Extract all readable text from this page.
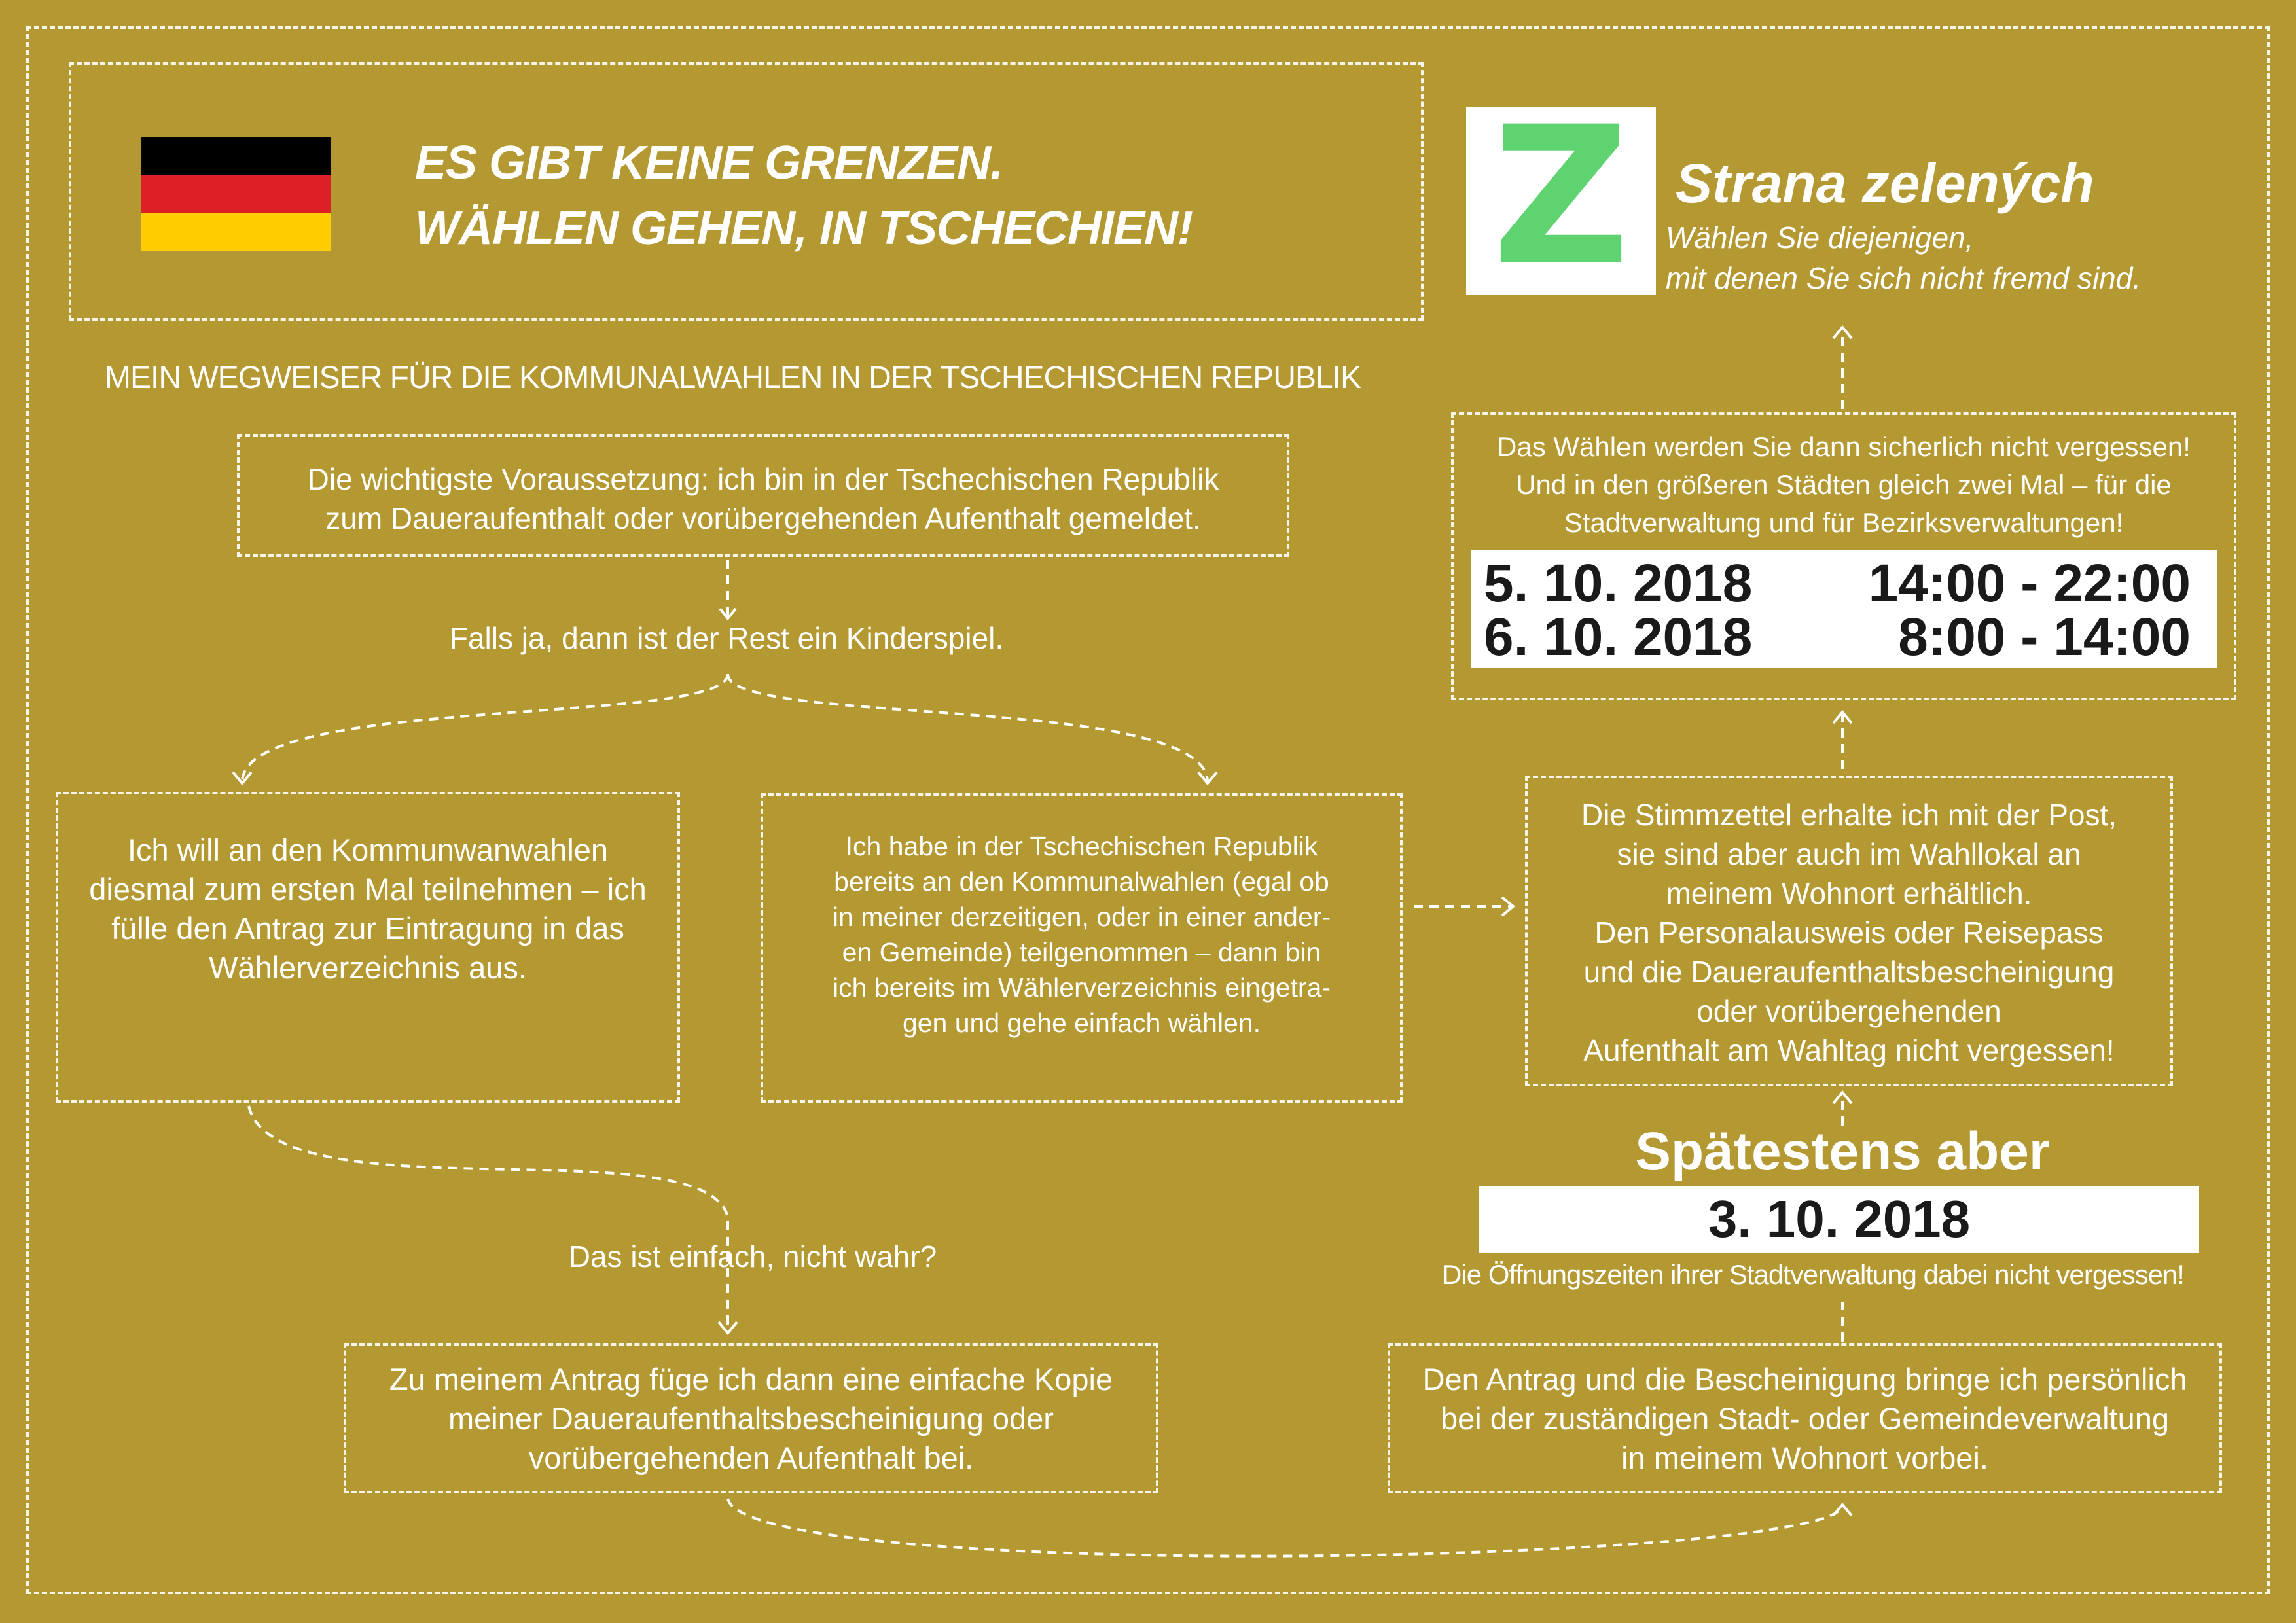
ES GIBT KEINE GRENZEN.
WÄHLEN GEHEN, IN TSCHECHIEN!	Z Strana zelených
Wählen Sie diejenigen,
mit denen Sie sich nicht fremd sind.
MEIN WEGWEISER FÜR DIE KOMMUNALWAHLEN IN DER TSCHECHISCHEN REPUBLIK
Die wichtigste Voraussetzung: ich bin in der Tschechischen Republik
zum Daueraufenthalt oder vorübergehenden Aufenthalt gemeldet.
Falls ja, dann ist der Rest ein Kinderspiel.
Ich will an den Kommunwanwahlen
diesmal zum ersten Mal teilnehmen – ich
fülle den Antrag zur Eintragung in das
Wählerverzeichnis aus.
Ich habe in der Tschechischen Republik
bereits an den Kommunalwahlen (egal ob
in meiner derzeitigen, oder in einer ander-
en Gemeinde) teilgenommen – dann bin
ich bereits im Wählerverzeichnis eingetra-
gen und gehe einfach wählen.
Das ist einfach, nicht wahr?
Zu meinem Antrag füge ich dann eine einfache Kopie
meiner Daueraufenthaltsbescheinigung oder
vorübergehenden Aufenthalt bei.
Den Antrag und die Bescheinigung bringe ich persönlich
bei der zuständigen Stadt- oder Gemeindeverwaltung
in meinem Wohnort vorbei.
Spätestens aber
3. 10. 2018
Die Öffnungszeiten ihrer Stadtverwaltung dabei nicht vergessen!
Die Stimmzettel erhalte ich mit der Post,
sie sind aber auch im Wahllokal an
meinem Wohnort erhältlich.
Den Personalausweis oder Reisepass
und die Daueraufenthaltsbescheinigung
oder vorübergehenden
Aufenthalt am Wahltag nicht vergessen!
Das Wählen werden Sie dann sicherlich nicht vergessen!
Und in den größeren Städten gleich zwei Mal – für die
Stadtverwaltung und für Bezirksverwaltungen!
5. 10. 2018 14:00 - 22:00
6. 10. 2018	8:00 - 14:00
